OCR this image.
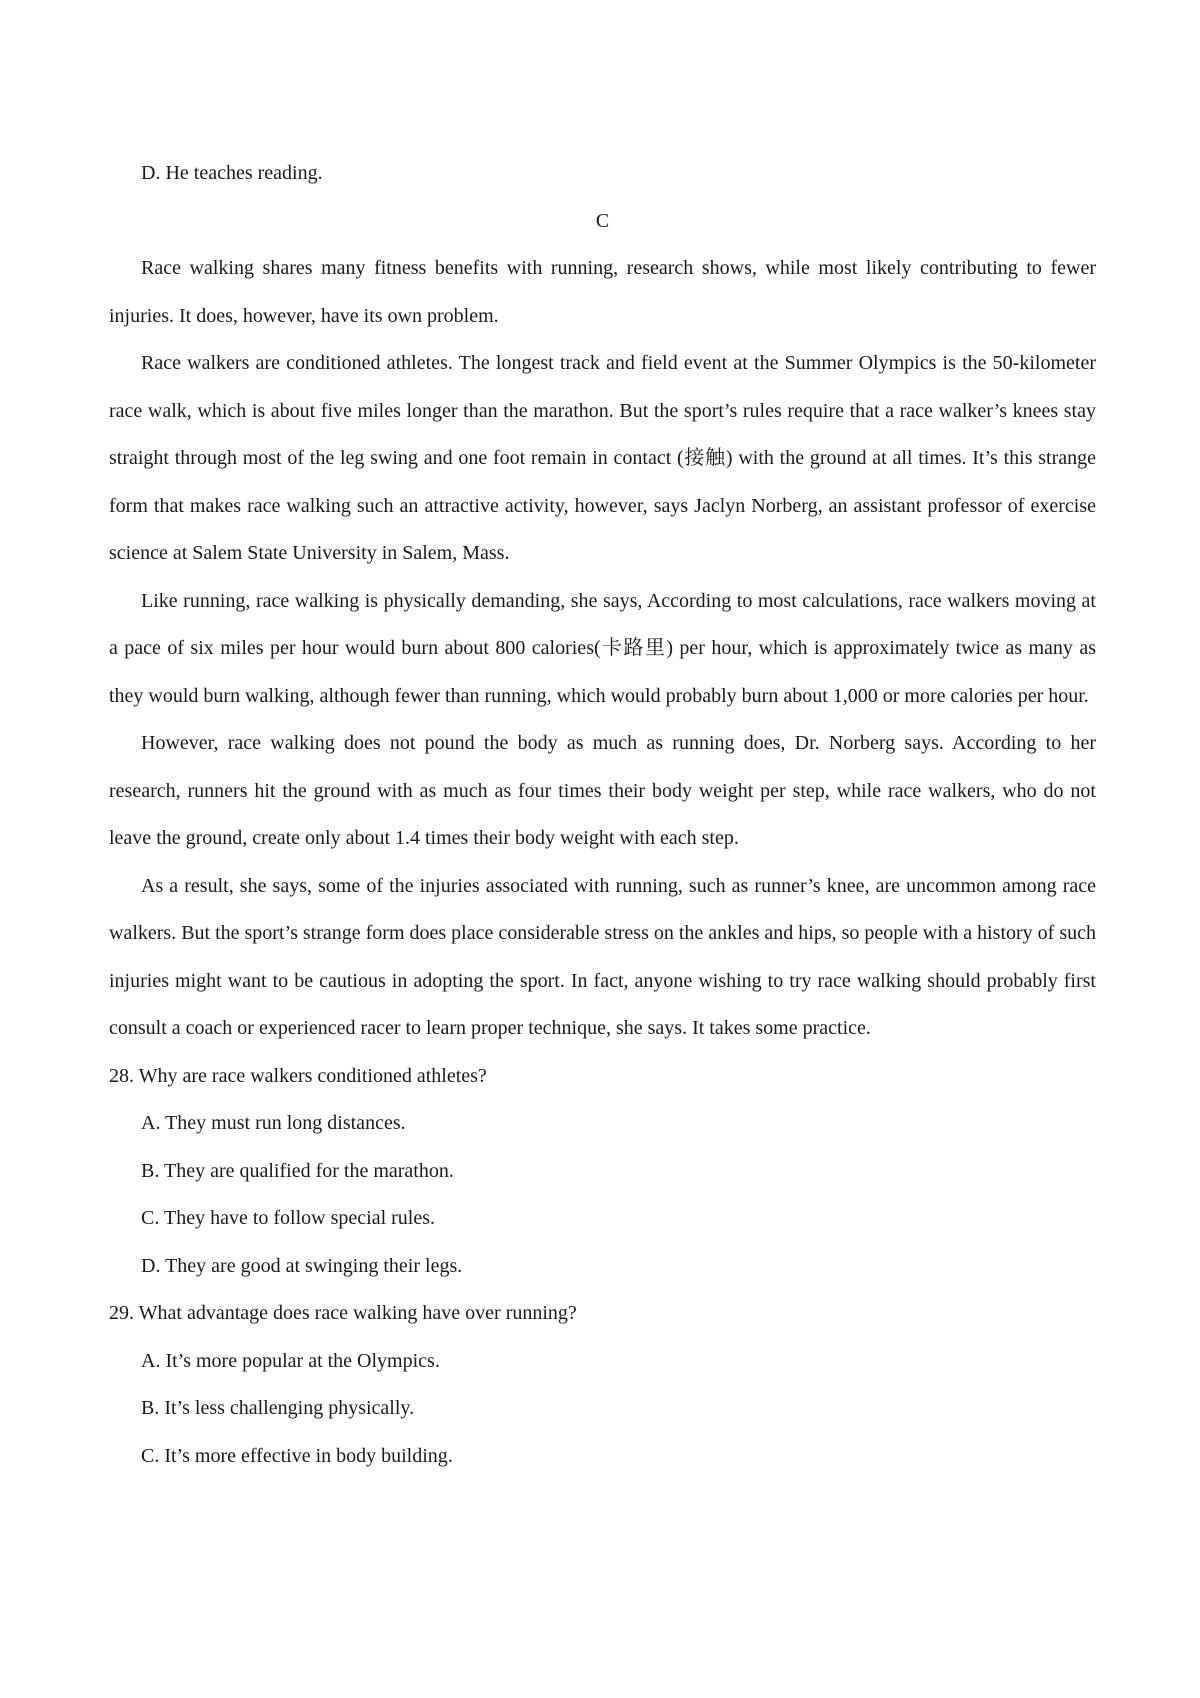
D. He teaches reading.

C

Race walking shares many fitness benefits with running, research shows, while most likely contributing to fewer injuries. It does, however, have its own problem.

Race walkers are conditioned athletes. The longest track and field event at the Summer Olympics is the 50-kilometer race walk, which is about five miles longer than the marathon. But the sport’s rules require that a race walker’s knees stay straight through most of the leg swing and one foot remain in contact (接触) with the ground at all times. It’s this strange form that makes race walking such an attractive activity, however, says Jaclyn Norberg, an assistant professor of exercise science at Salem State University in Salem, Mass.

Like running, race walking is physically demanding, she says, According to most calculations, race walkers moving at a pace of six miles per hour would burn about 800 calories(卡路里) per hour, which is approximately twice as many as they would burn walking, although fewer than running, which would probably burn about 1,000 or more calories per hour.

However, race walking does not pound the body as much as running does, Dr. Norberg says. According to her research, runners hit the ground with as much as four times their body weight per step, while race walkers, who do not leave the ground, create only about 1.4 times their body weight with each step.

As a result, she says, some of the injuries associated with running, such as runner’s knee, are uncommon among race walkers. But the sport’s strange form does place considerable stress on the ankles and hips, so people with a history of such injuries might want to be cautious in adopting the sport. In fact, anyone wishing to try race walking should probably first consult a coach or experienced racer to learn proper technique, she says. It takes some practice.

28. Why are race walkers conditioned athletes?

A. They must run long distances.

B. They are qualified for the marathon.

C. They have to follow special rules.

D. They are good at swinging their legs.

29. What advantage does race walking have over running?

A. It’s more popular at the Olympics.

B. It’s less challenging physically.

C. It’s more effective in body building.
